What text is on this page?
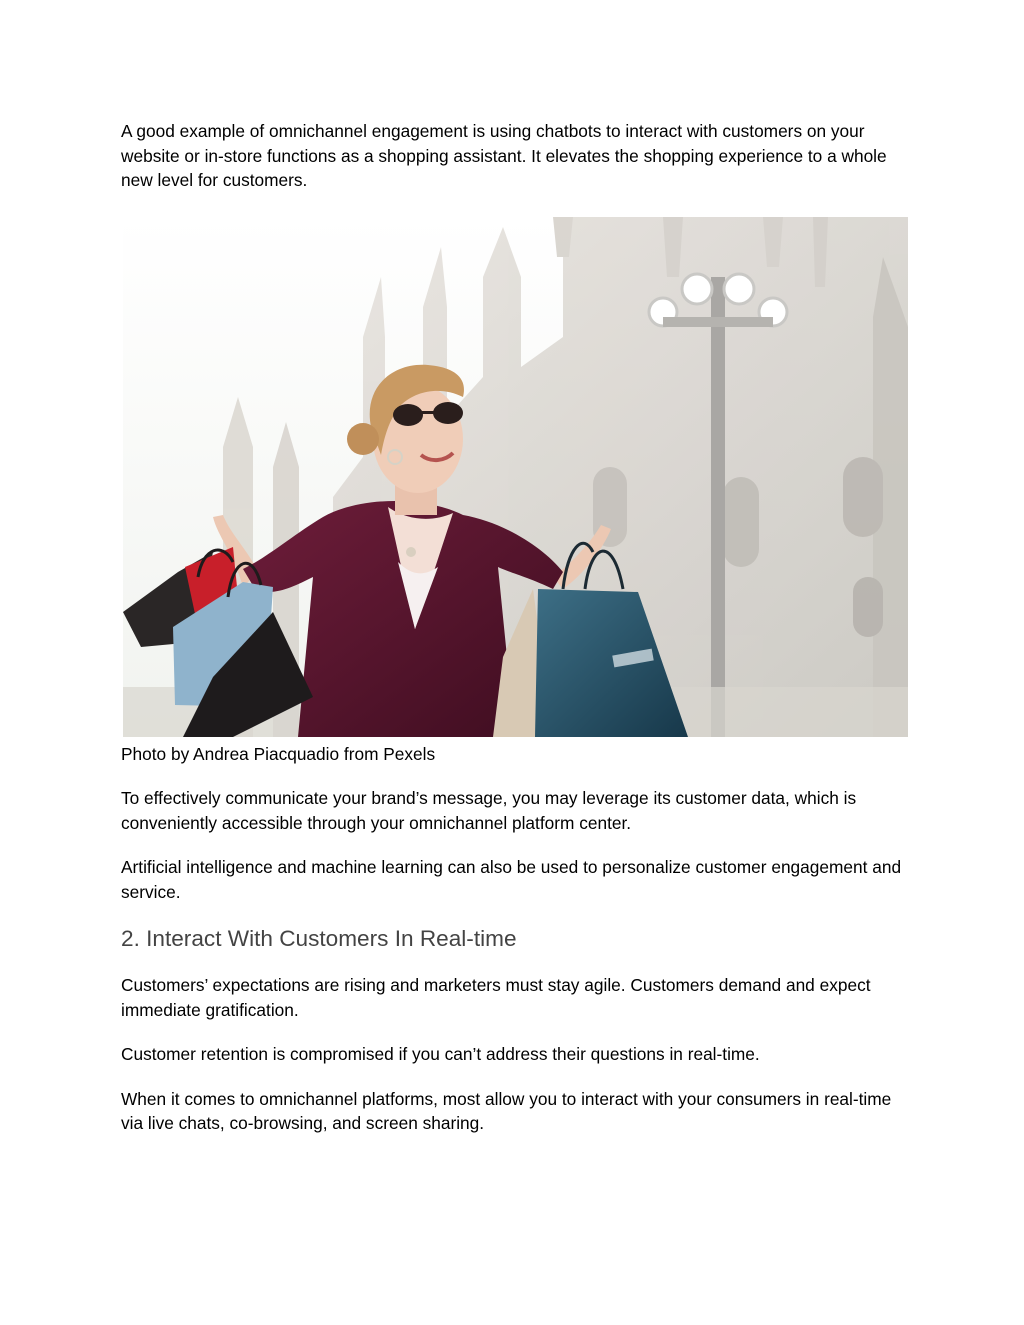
A good example of omnichannel engagement is using chatbots to interact with customers on your website or in-store functions as a shopping assistant. It elevates the shopping experience to a whole new level for customers.

Photo by Andrea Piacquadio from Pexels

To effectively communicate your brand’s message, you may leverage its customer data, which is conveniently accessible through your omnichannel platform center.

Artificial intelligence and machine learning can also be used to personalize customer engagement and service.

2. Interact With Customers In Real-time

Customers’ expectations are rising and marketers must stay agile. Customers demand and expect immediate gratification.

Customer retention is compromised if you can’t address their questions in real-time.

When it comes to omnichannel platforms, most allow you to interact with your consumers in real-time via live chats, co-browsing, and screen sharing.
